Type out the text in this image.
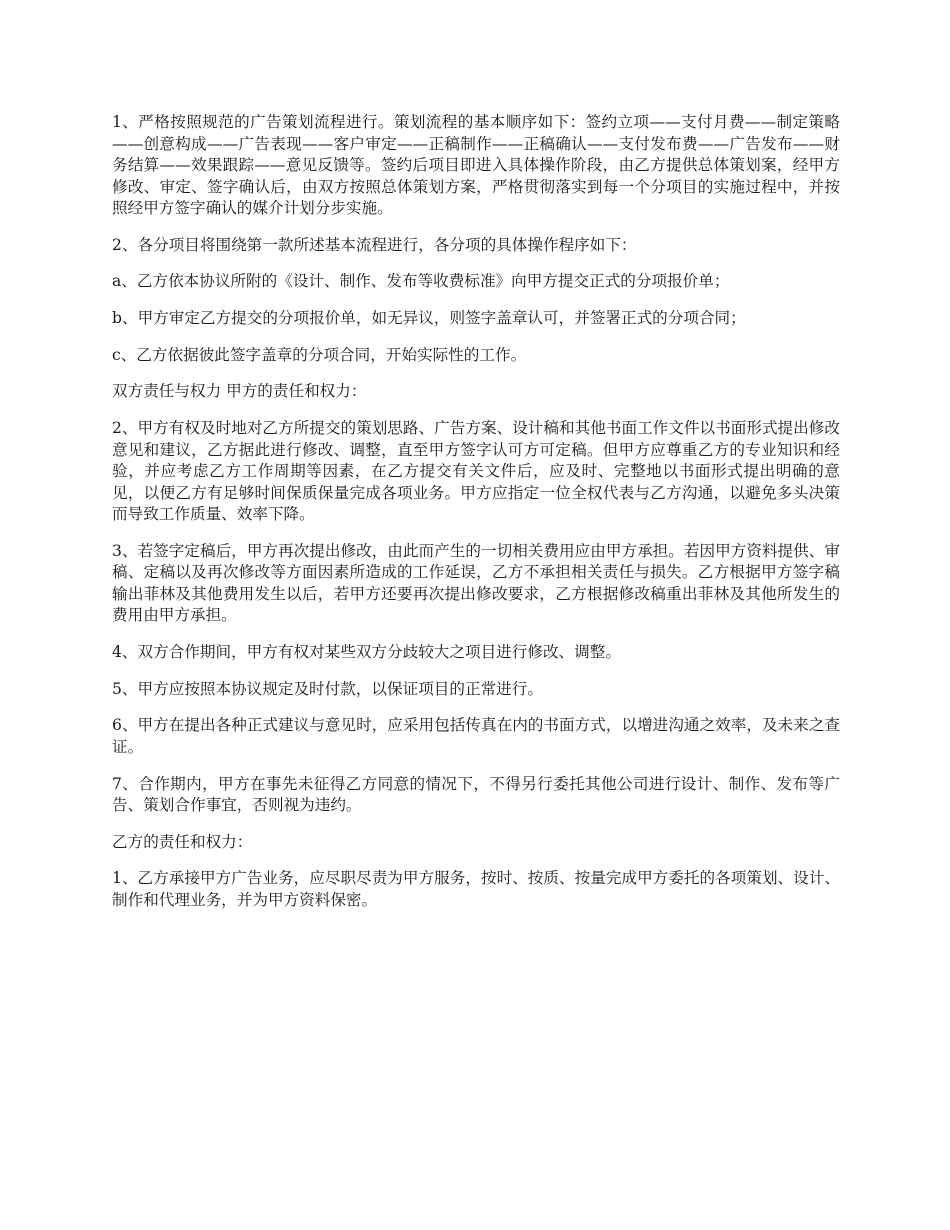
1、严格按照规范的广告策划流程进行。策划流程的基本顺序如下：签约立项——支付月费——制定策略——创意构成——广告表现——客户审定——正稿制作——正稿确认——支付发布费——广告发布——财务结算——效果跟踪——意见反馈等。签约后项目即进入具体操作阶段，由乙方提供总体策划案，经甲方修改、审定、签字确认后，由双方按照总体策划方案，严格贯彻落实到每一个分项目的实施过程中，并按照经甲方签字确认的媒介计划分步实施。

2、各分项目将围绕第一款所述基本流程进行，各分项的具体操作程序如下：

a、乙方依本协议所附的《设计、制作、发布等收费标准》向甲方提交正式的分项报价单；

b、甲方审定乙方提交的分项报价单，如无异议，则签字盖章认可，并签署正式的分项合同；

c、乙方依据彼此签字盖章的分项合同，开始实际性的工作。

双方责任与权力 甲方的责任和权力：

2、甲方有权及时地对乙方所提交的策划思路、广告方案、设计稿和其他书面工作文件以书面形式提出修改意见和建议，乙方据此进行修改、调整，直至甲方签字认可方可定稿。但甲方应尊重乙方的专业知识和经验，并应考虑乙方工作周期等因素，在乙方提交有关文件后，应及时、完整地以书面形式提出明确的意见，以便乙方有足够时间保质保量完成各项业务。甲方应指定一位全权代表与乙方沟通，以避免多头决策而导致工作质量、效率下降。

3、若签字定稿后，甲方再次提出修改，由此而产生的一切相关费用应由甲方承担。若因甲方资料提供、审稿、定稿以及再次修改等方面因素所造成的工作延误，乙方不承担相关责任与损失。乙方根据甲方签字稿输出菲林及其他费用发生以后，若甲方还要再次提出修改要求，乙方根据修改稿重出菲林及其他所发生的费用由甲方承担。

4、双方合作期间，甲方有权对某些双方分歧较大之项目进行修改、调整。

5、甲方应按照本协议规定及时付款，以保证项目的正常进行。

6、甲方在提出各种正式建议与意见时，应采用包括传真在内的书面方式，以增进沟通之效率，及未来之查证。

7、合作期内，甲方在事先未征得乙方同意的情况下，不得另行委托其他公司进行设计、制作、发布等广告、策划合作事宜，否则视为违约。

乙方的责任和权力：

1、乙方承接甲方广告业务，应尽职尽责为甲方服务，按时、按质、按量完成甲方委托的各项策划、设计、制作和代理业务，并为甲方资料保密。
